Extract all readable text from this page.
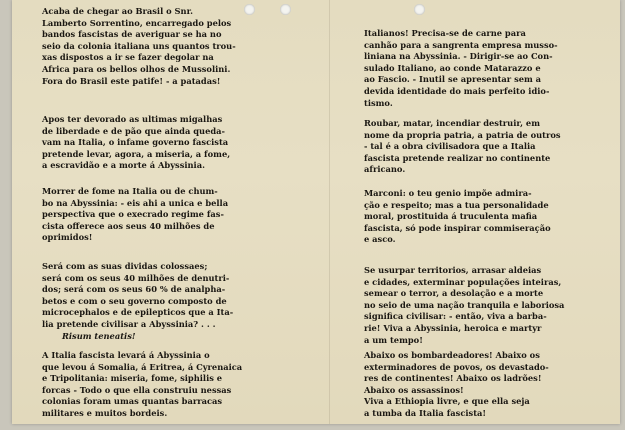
Acaba de chegar ao Brasil o Snr.
Lamberto Sorrentino, encarregado pelos
bandos fascistas de averiguar se ha no
seio da colonia italiana uns quantos trou-
xas dispostos a ir se fazer degolar na
Africa para os bellos olhos de Mussolini.
Fora do Brasil este patife! - a patadas!

Apos ter devorado as ultimas migalhas
de liberdade e de pão que ainda queda-
vam na Italia, o infame governo fascista
pretende levar, agora, a miseria, a fome,
a escravidão e a morte á Abyssinia.

Morrer de fome na Italia ou de chum-
bo na Abyssinia: - eis ahi a unica e bella
perspectiva que o execrado regime fas-
cista offerece aos seus 40 milhões de
oprimidos!

Será com as suas dividas colossaes;
será com os seus 40 milhões de denutri-
dos; será com os seus 60 % de analpha-
betos e com o seu governo composto de
microcephalos e de epilepticos que a Ita-
lia pretende civilisar a Abyssinia? . . .

Risum teneatis!

A Italia fascista levará á Abyssinia o
que levou á Somalia, á Eritrea, á Cyrenaica
e Tripolitania: miseria, fome, siphilis e
forcas - Todo o que ella construiu nessas
colonias foram umas quantas barracas
militares e muitos bordeis.

Italianos! Precisa-se de carne para
canhão para a sangrenta empresa musso-
liniana na Abyssinia. - Dirigir-se ao Con-
sulado Italiano, ao conde Matarazzo e
ao Fascio. - Inutil se apresentar sem a
devida identidade do mais perfeito idio-
tismo.

Roubar, matar, incendiar destruir, em
nome da propria patria, a patria de outros
- tal é a obra civilisadora que a Italia
fascista pretende realizar no continente
africano.

Marconi: o teu genio impõe admira-
ção e respeito; mas a tua personalidade
moral, prostituida á truculenta mafia
fascista, só pode inspirar commiseração
e asco.

Se usurpar territorios, arrasar aldeias
e cidades, exterminar populações inteiras,
semear o terror, a desolação e a morte
no seio de uma nação tranquila e laboriosa
significa civilisar: - então, viva a barba-
rie! Viva a Abyssinia, heroica e martyr
a um tempo!

Abaixo os bombardeadores! Abaixo os
exterminadores de povos, os devastado-
res de continentes! Abaixo os ladrões!
Abaixo os assassinos!
Viva a Ethiopia livre, e que ella seja
a tumba da Italia fascista!
